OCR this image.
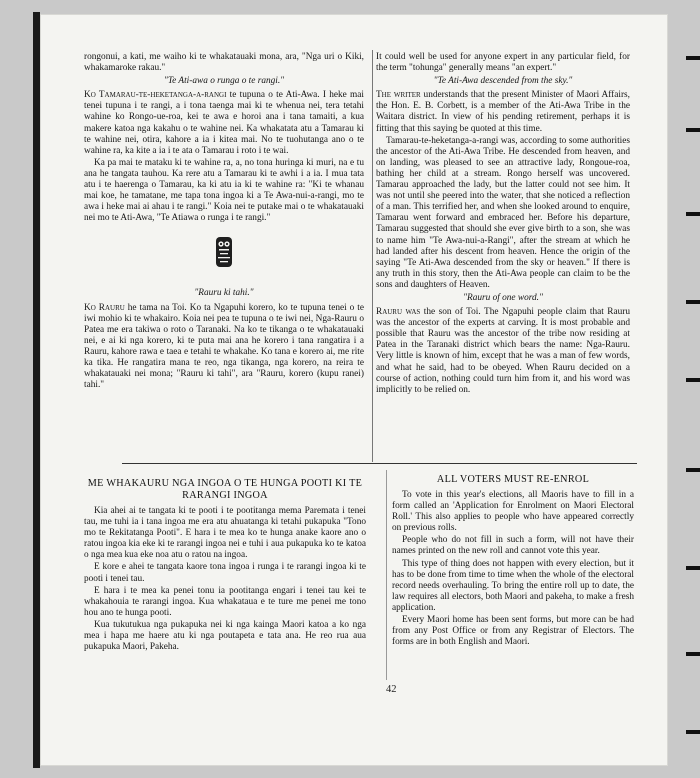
rongonui, a kati, me waiho ki te whakatauaki mona, ara, "Nga uri o Kiki, whakamaroke rakau."

"Te Ati-awa o runga o te rangi."

Ko Tamarau-te-heketanga-a-rangi te tupuna o te Ati-Awa. I heke mai tenei tupuna i te rangi, a i tona taenga mai ki te whenua nei, tera tetahi wahine ko Rongo-ue-roa, kei te awa e horoi ana i tana tamaiti, a kua makere katoa nga kakahu o te wahine nei. Ka whakatata atu a Tamarau ki te wahine nei, otira, kahore a ia i kitea mai. No te tuohutanga ano o te wahine ra, ka kite a ia i te ata o Tamarau i roto i te wai.

Ka pa mai te mataku ki te wahine ra, a, no tona huringa ki muri, na e tu ana he tangata tauhou. Ka rere atu a Tamarau ki te awhi i a ia. I mua tata atu i te haerenga o Tamarau, ka ki atu ia ki te wahine ra: "Ki te whanau mai koe, he tamatane, me tapa tona ingoa ki a Te Awa-nui-a-rangi, mo te awa i heke mai ai ahau i te rangi." Koia nei te putake mai o te whakatauaki nei mo te Ati-Awa, "Te Atiawa o runga i te rangi."

"Rauru ki tahi."

Ko Rauru he tama na Toi. Ko ta Ngapuhi korero, ko te tupuna tenei o te iwi mohio ki te whakairo. Koia nei pea te tupuna o te iwi nei, Nga-Rauru o Patea me era takiwa o roto o Taranaki. Na ko te tikanga o te whakatauaki nei, e ai ki nga korero, ki te puta mai ana he korero i tana rangatira i a Rauru, kahore rawa e taea e tetahi te whakahe. Ko tana e korero ai, me rite ka tika. He rangatira mana te reo, nga tikanga, nga korero, na reira te whakatauaki nei mona; "Rauru ki tahi", ara "Rauru, korero (kupu ranei) tahi."

It could well be used for anyone expert in any particular field, for the term "tohunga" generally means "an expert."

"Te Ati-Awa descended from the sky."

The writer understands that the present Minister of Maori Affairs, the Hon. E. B. Corbett, is a member of the Ati-Awa Tribe in the Waitara district. In view of his pending retirement, perhaps it is fitting that this saying be quoted at this time.

Tamarau-te-heketanga-a-rangi was, according to some authorities the ancestor of the Ati-Awa Tribe. He descended from heaven, and on landing, was pleased to see an attractive lady, Rongoue-roa, bathing her child at a stream. Rongo herself was uncovered. Tamarau approached the lady, but the latter could not see him. It was not until she peered into the water, that she noticed a reflection of a man. This terrified her, and when she looked around to enquire, Tamarau went forward and embraced her. Before his departure, Tamarau suggested that should she ever give birth to a son, she was to name him "Te Awa-nui-a-Rangi", after the stream at which he had landed after his descent from heaven. Hence the origin of the saying "Te Ati-Awa descended from the sky or heaven." If there is any truth in this story, then the Ati-Awa people can claim to be the sons and daughters of Heaven.

"Rauru of one word."

Rauru was the son of Toi. The Ngapuhi people claim that Rauru was the ancestor of the experts at carving. It is most probable and possible that Rauru was the ancestor of the tribe now residing at Patea in the Taranaki district which bears the name: Nga-Rauru. Very little is known of him, except that he was a man of few words, and what he said, had to be obeyed. When Rauru decided on a course of action, nothing could turn him from it, and his word was implicitly to be relied on.

ME WHAKAURU NGA INGOA O TE HUNGA POOTI KI TE RARANGI INGOA

Kia ahei ai te tangata ki te pooti i te pootitanga mema Paremata i tenei tau, me tuhi ia i tana ingoa me era atu ahuatanga ki tetahi pukapuka "Tono mo te Rekitatanga Pooti". E hara i te mea ko te hunga anake kaore ano o ratou ingoa kia eke ki te rarangi ingoa nei e tuhi i aua pukapuka ko te katoa o nga mea kua eke noa atu o ratou na ingoa.

E kore e ahei te tangata kaore tona ingoa i runga i te rarangi ingoa ki te pooti i tenei tau.

E hara i te mea ka penei tonu ia pootitanga engari i tenei tau kei te whakahouia te rarangi ingoa. Kua whakataua e te ture me penei me tono hou ano te hunga pooti.

Kua tukutukua nga pukapuka nei ki nga kainga Maori katoa a ko nga mea i hapa me haere atu ki nga poutapeta e tata ana. He reo rua aua pukapuka Maori, Pakeha.

ALL VOTERS MUST RE-ENROL

To vote in this year's elections, all Maoris have to fill in a form called an 'Application for Enrolment on Maori Electoral Roll.' This also applies to people who have appeared correctly on previous rolls.

People who do not fill in such a form, will not have their names printed on the new roll and cannot vote this year.

This type of thing does not happen with every election, but it has to be done from time to time when the whole of the electoral record needs overhauling. To bring the entire roll up to date, the law requires all electors, both Maori and pakeha, to make a fresh application.

Every Maori home has been sent forms, but more can be had from any Post Office or from any Registrar of Electors. The forms are in both English and Maori.

42
